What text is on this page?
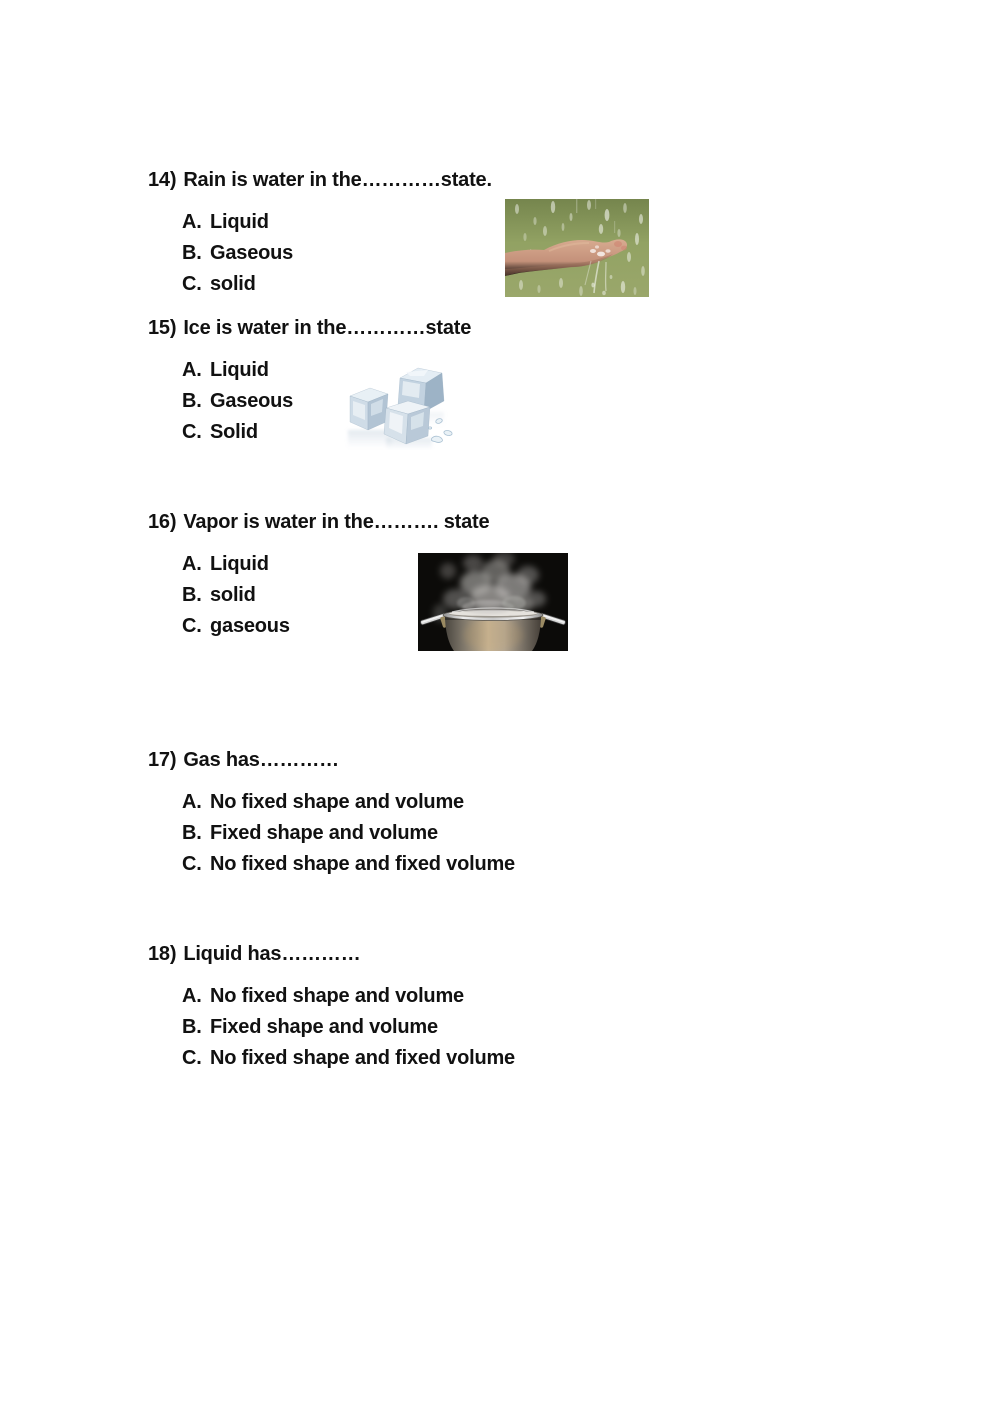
14) Rain is water in the…………state.
A. Liquid
B. Gaseous
C. solid
15) Ice is water in the…………state
A. Liquid
B. Gaseous
C. Solid
16) Vapor is water in the………. state
A. Liquid
B. solid
C. gaseous
17) Gas has…………
A. No fixed shape and volume
B. Fixed shape and volume
C. No fixed shape and fixed volume
18) Liquid has…………
A. No fixed shape and volume
B. Fixed shape and volume
C. No fixed shape and fixed volume
